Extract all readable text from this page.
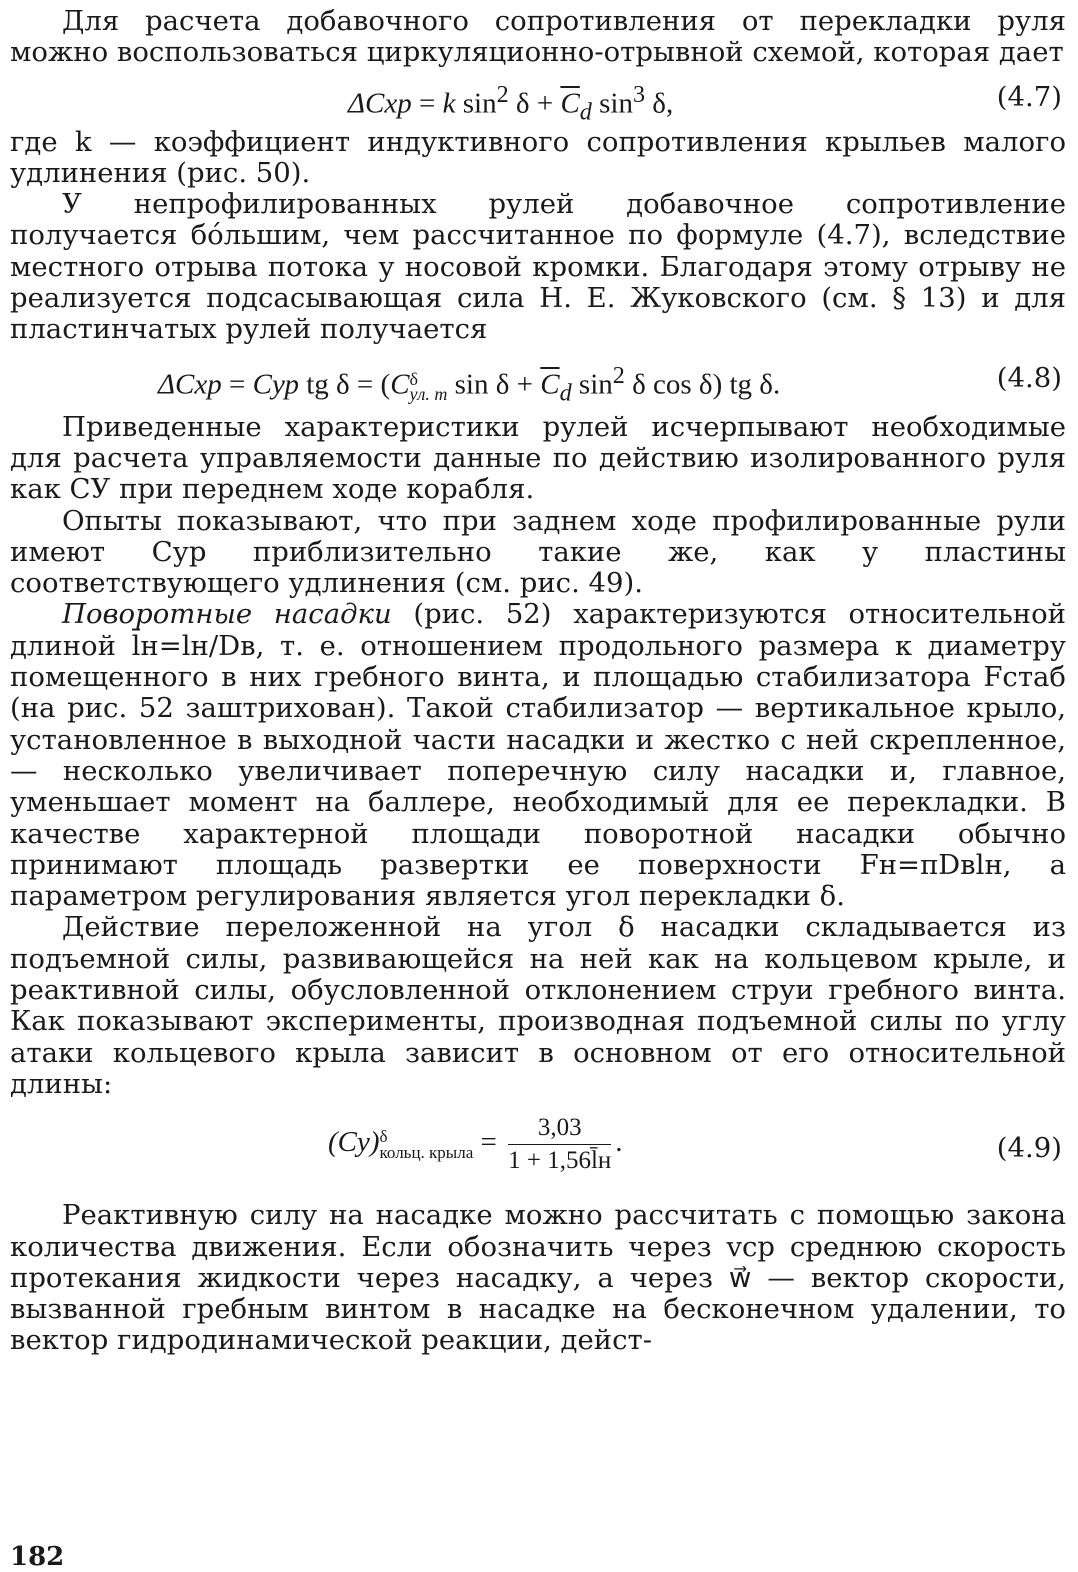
Для расчета добавочного сопротивления от перекладки руля можно воспользоваться циркуляционно-отрывной схемой, которая дает

ΔCхр = k $\sin^2 \delta + \overline{C}_d$ $\sin^3 \delta$,	(4.7)

где k — коэффициент индуктивного сопротивления крыльев малого удлинения (рис. 50).

У непрофилированных рулей добавочное сопротивление получается бо́льшим, чем рассчитанное по формуле (4.7), вследствие местного отрыва потока у носовой кромки. Благодаря этому отрыву не реализуется подсасывающая сила Н. Е. Жуковского (см. § 13) и для пластинчатых рулей получается

ΔCхр = Cур tg δ = (C δ
yл. т $\sin \delta + \overline{C}_d$ $\sin^2 \delta$ cos δ) tg δ.	(4.8)

Приведенные характеристики рулей исчерпывают необходимые для расчета управляемости данные по действию изолированного руля как СУ при переднем ходе корабля.

Опыты показывают, что при заднем ходе профилированные рули имеют Cур приблизительно такие же, как у пластины соответствующего удлинения (см. рис. 49).

Поворотные насадки (рис. 52) характеризуются относительной длиной l̄н=lн/Dв, т. е. отношением продольного размера к диаметру помещенного в них гребного винта, и площадью стабилизатора Fстаб (на рис. 52 заштрихован). Такой стабилизатор — вертикальное крыло, установленное в выходной части насадки и жестко с ней скрепленное,— несколько увеличивает поперечную силу насадки и, главное, уменьшает момент на баллере, необходимый для ее перекладки. В качестве характерной площади поворотной насадки обычно принимают площадь развертки ее поверхности Fн=πDвlн, а параметром регулирования является угол перекладки δ.

Действие переложенной на угол δ насадки складывается из подъемной силы, развивающейся на ней как на кольцевом крыле, и реактивной силы, обусловленной отклонением струи гребного винта. Как показывают эксперименты, производная подъемной силы по углу атаки кольцевого крыла зависит в основном от его относительной длины:

(Cy) δ
кольц. крыла = $\frac{3,03}{1 + 1,56l̄н}$ .	(4.9)

Реактивную силу на насадке можно рассчитать с помощью закона количества движения. Если обозначить через vср среднюю скорость протекания жидкости через насадку, а через w⃗ — вектор скорости, вызванной гребным винтом в насадке на бесконечном удалении, то вектор гидродинамической реакции, дейст-

182
